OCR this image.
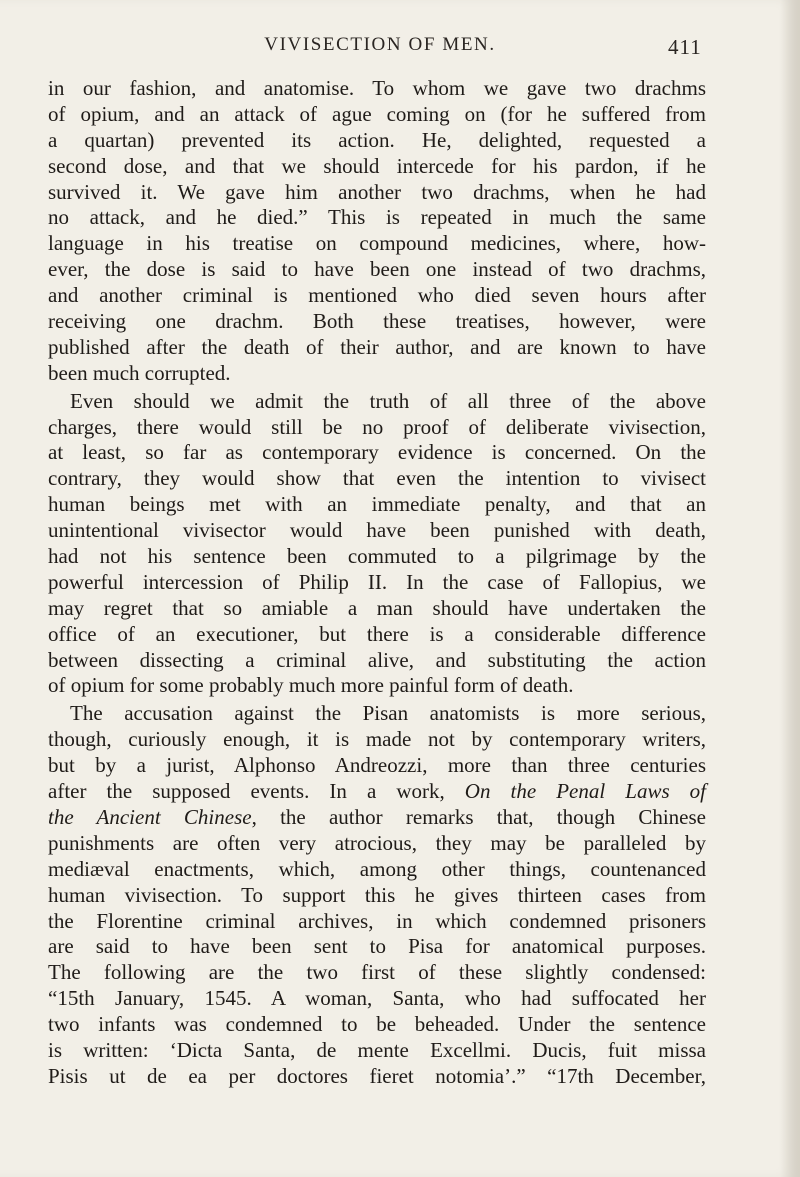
VIVISECTION OF MEN.	411
in our fashion, and anatomise. To whom we gave two drachms
of opium, and an attack of ague coming on (for he suffered from
a quartan) prevented its action. He, delighted, requested a
second dose, and that we should intercede for his pardon, if he
survived it. We gave him another two drachms, when he had
no attack, and he died.” This is repeated in much the same
language in his treatise on compound medicines, where, how-
ever, the dose is said to have been one instead of two drachms,
and another criminal is mentioned who died seven hours after
receiving one drachm. Both these treatises, however, were
published after the death of their author, and are known to have
been much corrupted.
Even should we admit the truth of all three of the above
charges, there would still be no proof of deliberate vivisection,
at least, so far as contemporary evidence is concerned. On the
contrary, they would show that even the intention to vivisect
human beings met with an immediate penalty, and that an
unintentional vivisector would have been punished with death,
had not his sentence been commuted to a pilgrimage by the
powerful intercession of Philip II. In the case of Fallopius, we
may regret that so amiable a man should have undertaken the
office of an executioner, but there is a considerable difference
between dissecting a criminal alive, and substituting the action
of opium for some probably much more painful form of death.
The accusation against the Pisan anatomists is more serious,
though, curiously enough, it is made not by contemporary writers,
but by a jurist, Alphonso Andreozzi, more than three centuries
after the supposed events. In a work, On the Penal Laws of
the Ancient Chinese, the author remarks that, though Chinese
punishments are often very atrocious, they may be paralleled by
mediæval enactments, which, among other things, countenanced
human vivisection. To support this he gives thirteen cases from
the Florentine criminal archives, in which condemned prisoners
are said to have been sent to Pisa for anatomical purposes.
The following are the two first of these slightly condensed:
“15th January, 1545. A woman, Santa, who had suffocated her
two infants was condemned to be beheaded. Under the sentence
is written: ‘Dicta Santa, de mente Excellmi. Ducis, fuit missa
Pisis ut de ea per doctores fieret notomia’.” “17th December,
